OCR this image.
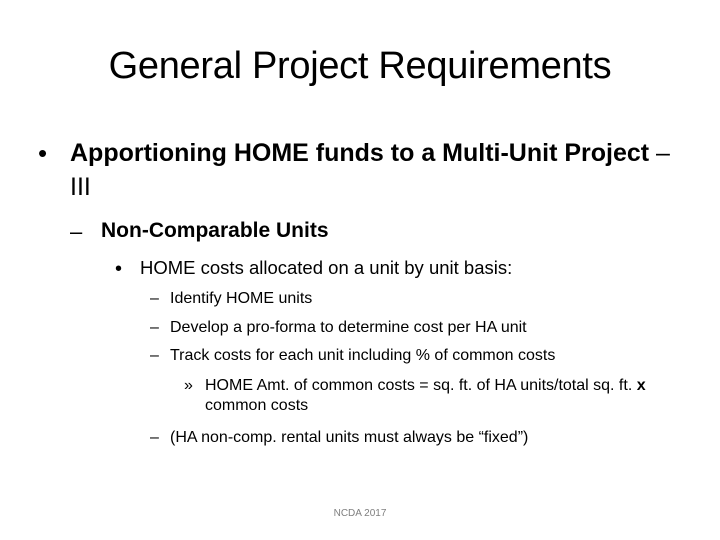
General Project Requirements
• Apportioning HOME funds to a Multi-Unit Project – III
– Non-Comparable Units
• HOME costs allocated on a unit by unit basis:
– Identify HOME units
– Develop a pro-forma to determine cost per HA unit
– Track costs for each unit including % of common costs
» HOME Amt. of common costs = sq. ft. of HA units/total sq. ft. x common costs
– (HA non-comp. rental units must always be “fixed”)
NCDA 2017
